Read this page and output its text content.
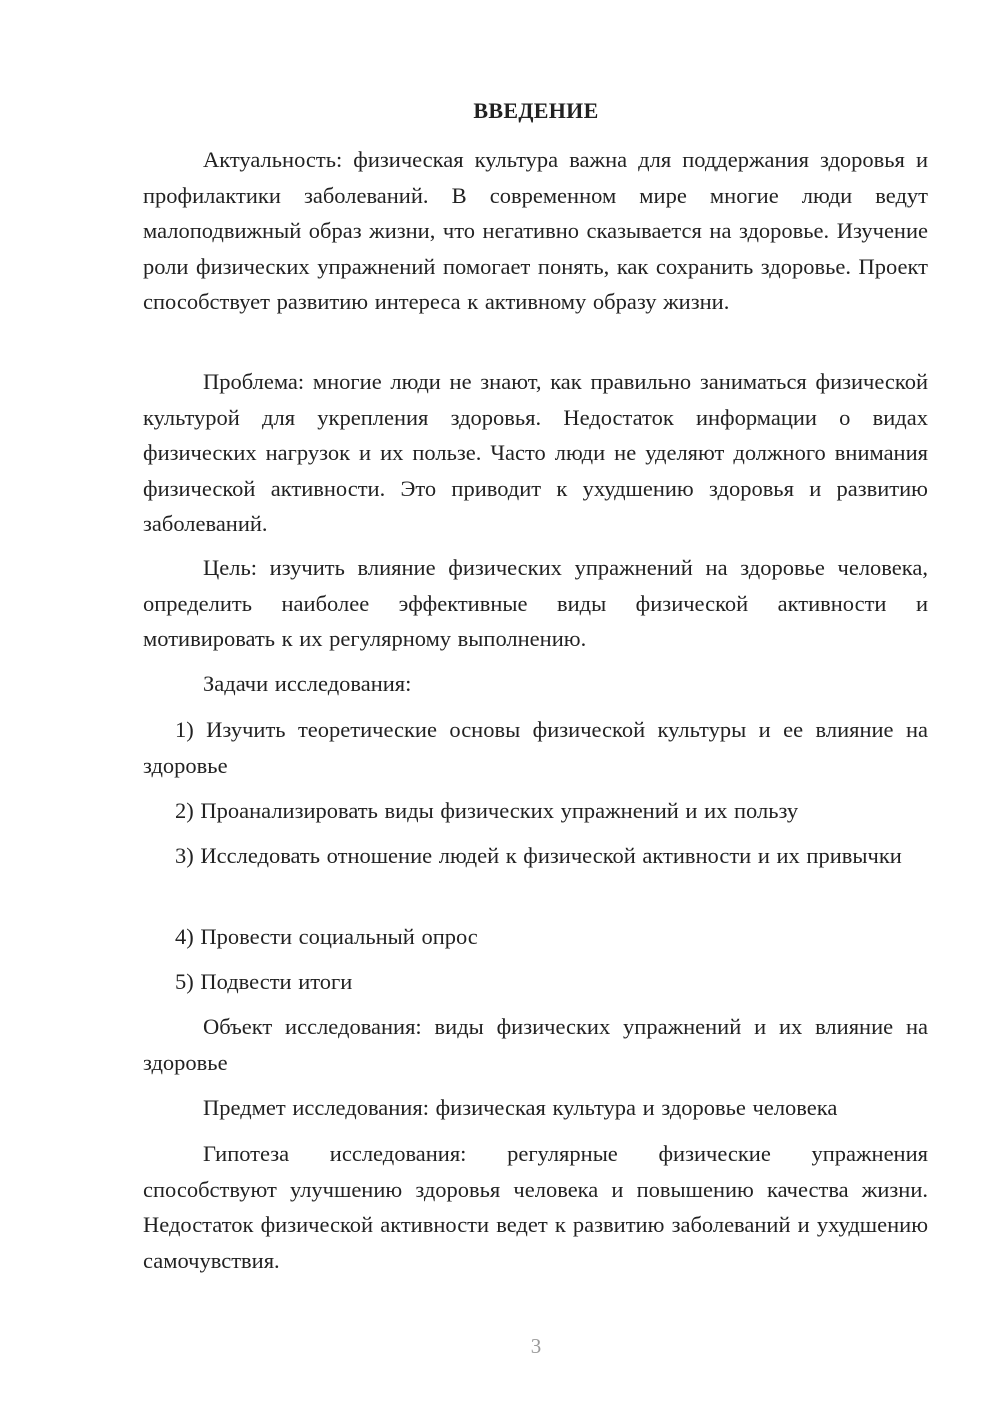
ВВЕДЕНИЕ

Актуальность: физическая культура важна для поддержания здоровья и профилактики заболеваний. В современном мире многие люди ведут малоподвижный образ жизни, что негативно сказывается на здоровье. Изучение роли физических упражнений помогает понять, как сохранить здоровье. Проект способствует развитию интереса к активному образу жизни.

Проблема: многие люди не знают, как правильно заниматься физической культурой для укрепления здоровья. Недостаток информации о видах физических нагрузок и их пользе. Часто люди не уделяют должного внимания физической активности. Это приводит к ухудшению здоровья и развитию заболеваний.

Цель: изучить влияние физических упражнений на здоровье человека, определить наиболее эффективные виды физической активности и мотивировать к их регулярному выполнению.

Задачи исследования:

1) Изучить теоретические основы физической культуры и ее влияние на здоровье

2) Проанализировать виды физических упражнений и их пользу

3) Исследовать отношение людей к физической активности и их привычки

4) Провести социальный опрос

5) Подвести итоги

Объект исследования: виды физических упражнений и их влияние на здоровье

Предмет исследования: физическая культура и здоровье человека

Гипотеза исследования: регулярные физические упражнения способствуют улучшению здоровья человека и повышению качества жизни. Недостаток физической активности ведет к развитию заболеваний и ухудшению самочувствия.

3
